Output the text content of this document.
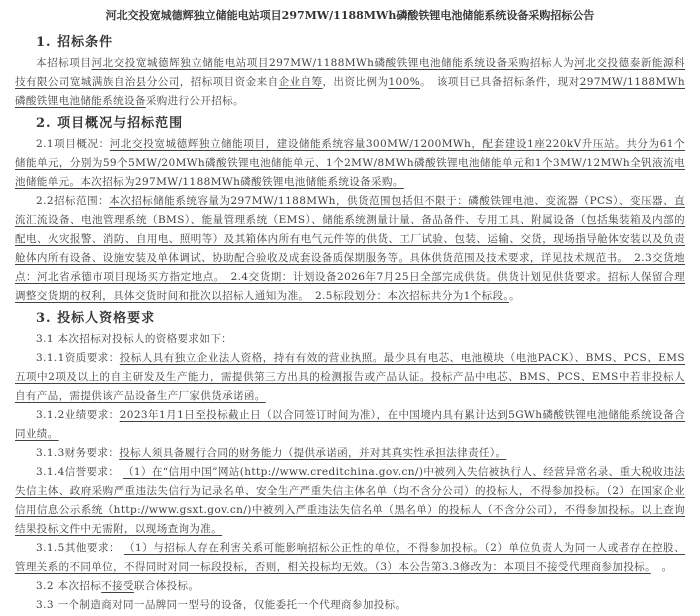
河北交投宽城德辉独立储能电站项目297MW/1188MWh磷酸铁锂电池储能系统设备采购招标公告
1. 招标条件

本招标项目河北交投宽城德辉独立储能电站项目297MW/1188MWh磷酸铁锂电池储能系统设备采购招标人为河北交投德泰新能源科技有限公司宽城满族自治县分公司，招标项目资金来自企业自筹，出资比例为100%。　该项目已具备招标条件，现对297MW/1188MWh磷酸铁锂电池储能系统设备采购进行公开招标。

2. 项目概况与招标范围

2.1项目概况：河北交投宽城德辉独立储能项目，建设储能系统容量300MW/1200MWh，配套建设1座220kV升压站。共分为61个储能单元，分别为59个5MW/20MWh磷酸铁锂电池储能单元、1个2MW/8MWh磷酸铁锂电池储能单元和1个3MW/12MWh全钒液流电池储能单元。本次招标为297MW/1188MWh磷酸铁锂电池储能系统设备采购。

2.2招标范围：本次招标储能系统容量为297MW/1188MWh，供货范围包括但不限于：磷酸铁锂电池、变流器（PCS）、变压器、直流汇流设备、电池管理系统（BMS）、能量管理系统（EMS）、储能系统测量计量、备品备件、专用工具、附属设备（包括集装箱及内部的配电、火灾报警、消防、自用电、照明等）及其箱体内所有电气元件等的供货、工厂试验、包装、运输、交货，现场指导舱体安装以及负责舱体内所有设备、设施安装及单体调试、协助配合验收及成套设备质保期服务等。具体供货范围及技术要求，详见技术规范书。　2.3交货地点：河北省承德市项目现场买方指定地点。　2.4交货期：计划设备2026年7月25日全部完成供货。供货计划见供货要求。招标人保留合理调整交货期的权利，具体交货时间和批次以招标人通知为准。　2.5标段划分：本次招标共分为1个标段。。

3. 投标人资格要求

3.1 本次招标对投标人的资格要求如下：

3.1.1资质要求：投标人具有独立企业法人资格，持有有效的营业执照。最少具有电芯、电池模块（电池PACK）、BMS、PCS、EMS五项中2项及以上的自主研发及生产能力，需提供第三方出具的检测报告或产品认证。投标产品中电芯、BMS、PCS、EMS中若非投标人自有产品，需提供该产品设备生产厂家供货承诺函。

3.1.2业绩要求：2023年1月1日至投标截止日（以合同签订时间为准），在中国境内具有累计达到5GWh磷酸铁锂电池储能系统设备合同业绩。

3.1.3财务要求：投标人须具备履行合同的财务能力（提供承诺函，并对其真实性承担法律责任）。

3.1.4信誉要求： （1）在“信用中国”网站(http://www.creditchina.gov.cn/)中被列入失信被执行人、经营异常名录、重大税收违法失信主体、政府采购严重违法失信行为记录名单、安全生产严重失信主体名单（均不含分公司）的投标人，不得参加投标。（2）在国家企业信用信息公示系统（http://www.gsxt.gov.cn/)中被列入严重违法失信名单（黑名单）的投标人（不含分公司），不得参加投标。以上查询结果投标文件中无需附，以现场查询为准。

3.1.5其他要求： （1）与招标人存在利害关系可能影响招标公正性的单位，不得参加投标。（2）单位负责人为同一人或者存在控股、管理关系的不同单位，不得同时对同一标段投标，否则，相关投标均无效。（3）本公告第3.3修改为：本项目不接受代理商参加投标。　。

3.2 本次招标不接受联合体投标。

3.3 一个制造商对同一品牌同一型号的设备，仅能委托一个代理商参加投标。
